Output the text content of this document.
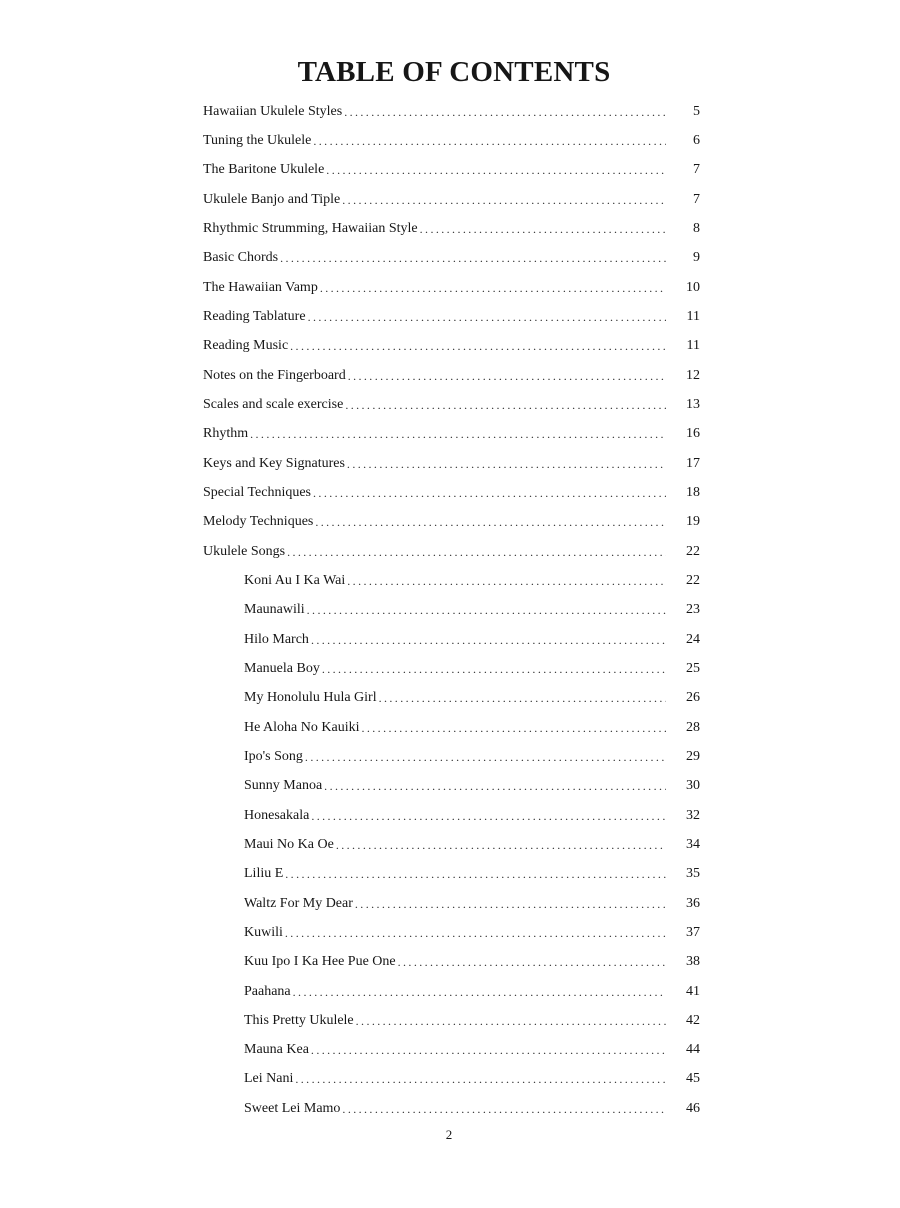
TABLE OF CONTENTS
Hawaiian Ukulele Styles . . .	5
Tuning the Ukulele . . .	6
The Baritone Ukulele . . .	7
Ukulele Banjo and Tiple . . .	7
Rhythmic Strumming, Hawaiian Style . . .	8
Basic Chords . . .	9
The Hawaiian Vamp . . .	10
Reading Tablature . . .	11
Reading Music . . .	11
Notes on the Fingerboard . . .	12
Scales and scale exercise . . .	13
Rhythm . . .	16
Keys and Key Signatures . . .	17
Special Techniques . . .	18
Melody Techniques . . .	19
Ukulele Songs . . .	22
Koni Au I Ka Wai . . .	22
Maunawili . . .	23
Hilo March . . .	24
Manuela Boy . . .	25
My Honolulu Hula Girl . . .	26
He Aloha No Kauiki . . .	28
Ipo's Song . . .	29
Sunny Manoa . . .	30
Honesakala . . .	32
Maui No Ka Oe . . .	34
Liliu E . . .	35
Waltz For My Dear . . .	36
Kuwili . . .	37
Kuu Ipo I Ka Hee Pue One . . .	38
Paahana . . .	41
This Pretty Ukulele . . .	42
Mauna Kea . . .	44
Lei Nani . . .	45
Sweet Lei Mamo . . .	46
2
